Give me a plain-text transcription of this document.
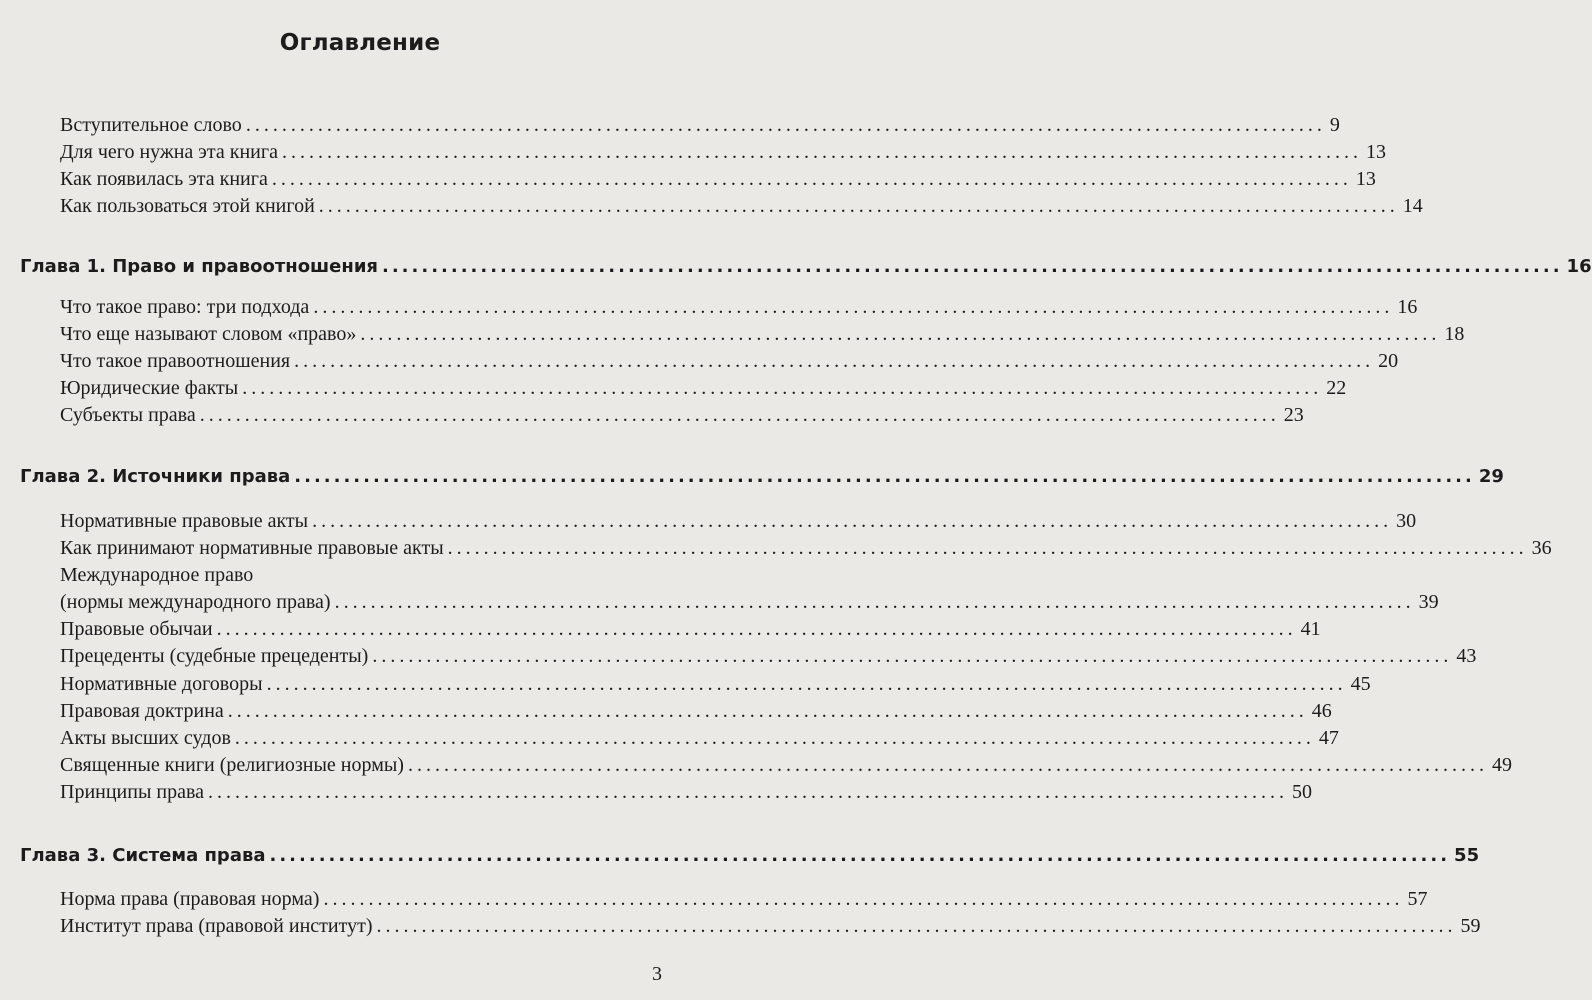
Оглавление
Вступительное слово ........................................................................................................................ 9
Для чего нужна эта книга ........................................................................................................................ 13
Как появилась эта книга ........................................................................................................................ 13
Как пользоваться этой книгой ........................................................................................................................ 14
Глава 1. Право и правоотношения ........................................................................................................................ 16
Что такое право: три подхода ........................................................................................................................ 16
Что еще называют словом «право» ........................................................................................................................ 18
Что такое правоотношения ........................................................................................................................ 20
Юридические факты ........................................................................................................................ 22
Субъекты права ........................................................................................................................ 23
Глава 2. Источники права ........................................................................................................................ 29
Нормативные правовые акты ........................................................................................................................ 30
Как принимают нормативные правовые акты ........................................................................................................................ 36
Международное право
(нормы международного права) ........................................................................................................................ 39
Правовые обычаи ........................................................................................................................ 41
Прецеденты (судебные прецеденты) ........................................................................................................................ 43
Нормативные договоры ........................................................................................................................ 45
Правовая доктрина ........................................................................................................................ 46
Акты высших судов ........................................................................................................................ 47
Священные книги (религиозные нормы) ........................................................................................................................ 49
Принципы права ........................................................................................................................ 50
Глава 3. Система права ........................................................................................................................ 55
Норма права (правовая норма) ........................................................................................................................ 57
Институт права (правовой институт) ........................................................................................................................ 59
3
